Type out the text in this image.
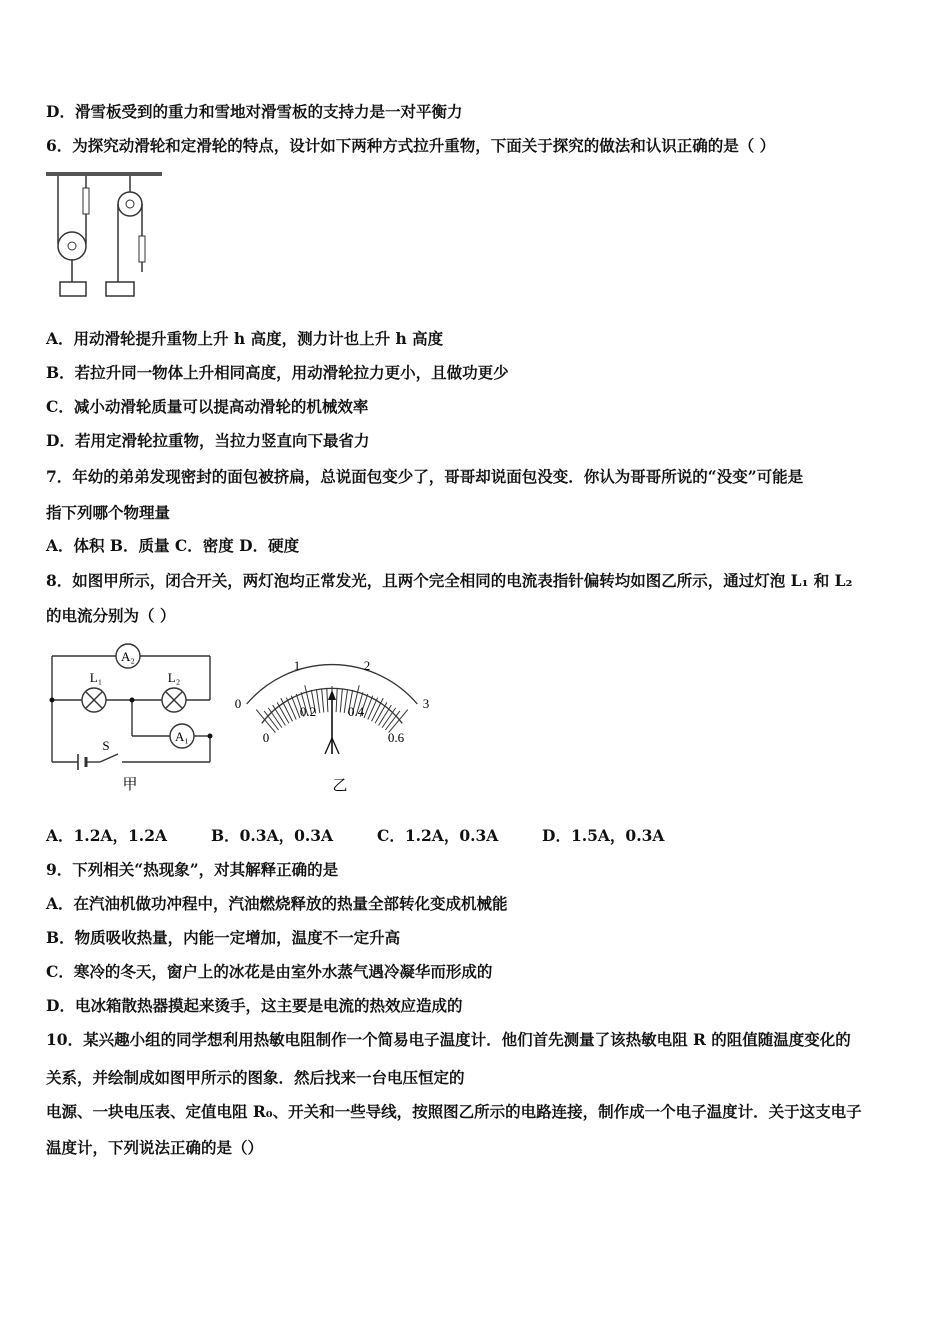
D．滑雪板受到的重力和雪地对滑雪板的支持力是一对平衡力
6．为探究动滑轮和定滑轮的特点，设计如下两种方式拉升重物，下面关于探究的做法和认识正确的是（ ）
A．用动滑轮提升重物上升 h 高度，测力计也上升 h 高度
B．若拉升同一物体上升相同高度，用动滑轮拉力更小，且做功更少
C．减小动滑轮质量可以提高动滑轮的机械效率
D．若用定滑轮拉重物，当拉力竖直向下最省力
7．年幼的弟弟发现密封的面包被挤扁，总说面包变少了，哥哥却说面包没变．你认为哥哥所说的“没变”可能是
指下列哪个物理量
A．体积 B．质量 C．密度 D．硬度
8．如图甲所示，闭合开关，两灯泡均正常发光，且两个完全相同的电流表指针偏转均如图乙所示，通过灯泡 L₁ 和 L₂
的电流分别为（ ）
A₂
A₁
L₁	L₂
S
甲
0
1	2
3
0
0.2 0.4
0.6
乙
A．1.2A，1.2A	B．0.3A，0.3A	C．1.2A，0.3A	D．1.5A，0.3A
9．下列相关“热现象”，对其解释正确的是
A．在汽油机做功冲程中，汽油燃烧释放的热量全部转化变成机械能
B．物质吸收热量，内能一定增加，温度不一定升高
C．寒冷的冬天，窗户上的冰花是由室外水蒸气遇冷凝华而形成的
D．电冰箱散热器摸起来烫手，这主要是电流的热效应造成的
10．某兴趣小组的同学想利用热敏电阻制作一个简易电子温度计．他们首先测量了该热敏电阻 R 的阻值随温度变化的
关系，并绘制成如图甲所示的图象．然后找来一台电压恒定的
电源、一块电压表、定值电阻 R₀、开关和一些导线，按照图乙所示的电路连接，制作成一个电子温度计．关于这支电子
温度计，下列说法正确的是（）
